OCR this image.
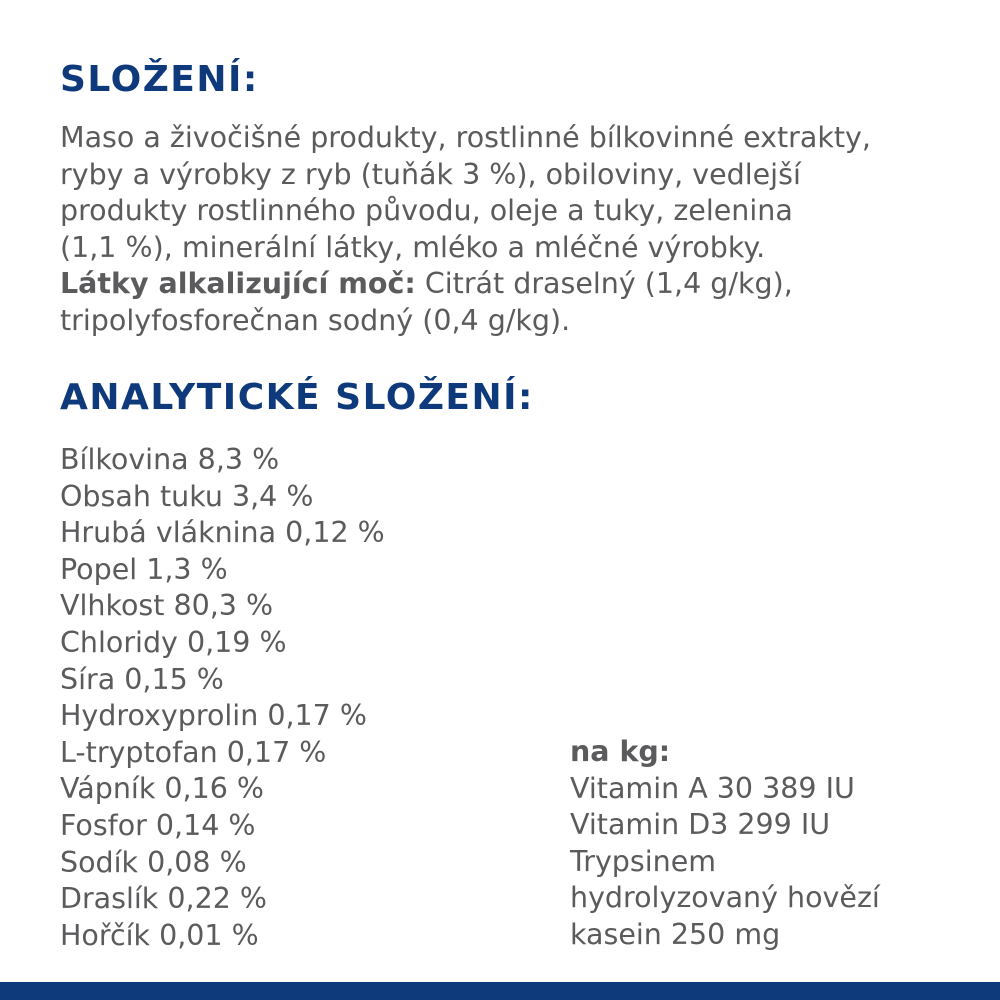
SLOŽENÍ:

Maso a živočišné produkty, rostlinné bílkovinné extrakty,
ryby a výrobky z ryb (tuňák 3 %), obiloviny, vedlejší
produkty rostlinného původu, oleje a tuky, zelenina
(1,1 %), minerální látky, mléko a mléčné výrobky.
Látky alkalizující moč: Citrát draselný (1,4 g/kg),
tripolyfosforečnan sodný (0,4 g/kg).

ANALYTICKÉ SLOŽENÍ:
Bílkovina 8,3 %
Obsah tuku 3,4 %
Hrubá vláknina 0,12 %
Popel 1,3 %
Vlhkost 80,3 %
Chloridy 0,19 %
Síra 0,15 %
Hydroxyprolin 0,17 %
L-tryptofan 0,17 %
Vápník 0,16 %
Fosfor 0,14 %
Sodík 0,08 %
Draslík 0,22 %
Hořčík 0,01 %
na kg:
Vitamin A 30 389 IU
Vitamin D3 299 IU
Trypsinem
hydrolyzovaný hovězí
kasein 250 mg
